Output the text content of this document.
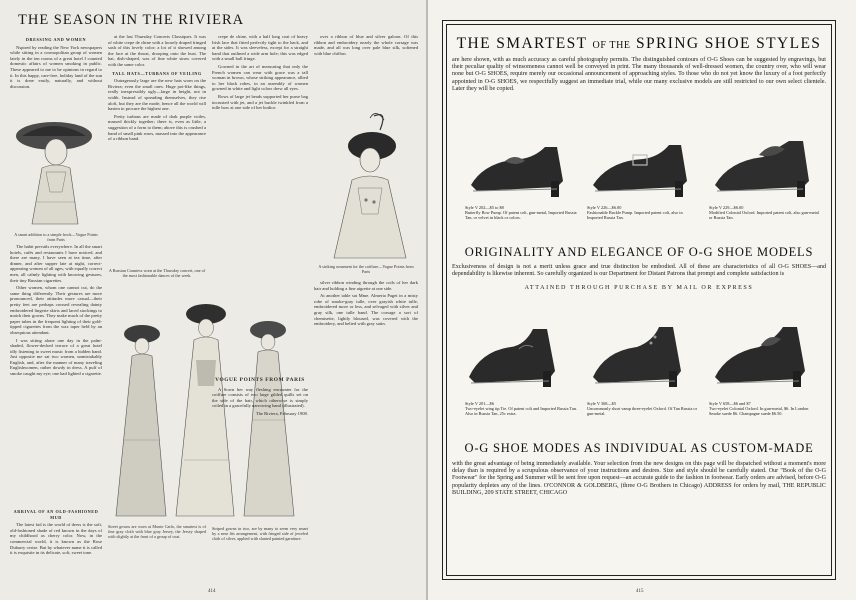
THE SEASON IN THE RIVIERA
DRESSING AND WOMEN

Nspired by reading the New York newspapers while sitting in a cosmopolitan group of women lately in the ten rooms of a great hotel I counted domestic affairs of women smoking in public. These appeared to me to be opinions in regard to it. In this happy, care-free, holiday land of the sun it is done easily, naturally, and without discussion.

A smart addition to a simple frock—Vogue Points from Paris

The habit prevails everywhere. In all the smart hotels, cafés and restaurants I have noticed, and there are many, I have seen at tea time, after dinner, and after supper late at night, correct-appearing women of all ages, with equally correct men, all calmly lighting with knowing gestures, their tiny Russian cigarettes.

Other women, whom one cannot cut, do the same thing differently. Their gestures are more pronounced, their attitudes more casual—their pretty feet are perhaps crossed revealing dainty embroidered lingerie skirts and laced stockings to match their gowns. They make much of the pretty paper tubes in the frequent lighting of their gold-tipped cigarettes from the wax taper held by an obsequious attendant.

I was sitting alone one day in the palm-shaded, flower-decked terrace of a great hotel idly listening to sweet music from a hidden band. Just opposite me sat two women, unmistakably English, and, after the manner of many traveling Englishwomen, rather dowdy in dress. A puff of smoke caught my eye; one had lighted a cigarette.

ARRIVAL OF AN OLD-FASHIONED MUD

The latest fad is the world of dress is the soft, old-fashioned shade of red known in the days of my childhood as cherry color. Now, in the commercial world, it is known as the Rose Dubarry cerise. But by whatever name it is called it is exquisite in its delicate, soft, sweet tone.

at the last Thursday Concerts Classiques. It was of white crepe de chine with a loosely draped fringed sash of this lovely color; a lot of it showed among the lace at the throat, drooping onto the bust. The hat, dish-shaped, was of fine white straw covered with the same color.

TALL HATS—TURBANS OF VEILING

Outrageously large are the new hats worn on the Riviera; even the small ones. Huge pot-like things, really inexpressibly ugly—large in height, not in width. Instead of spreading themselves, they rise aloft, but they are the mode, hence all the world will hasten to procure the highest one.

Pretty turbans are made of dark purple voiles, massed thickly together; there is, even as little, a suggestion of a form to them; above this is crushed a band of small pink roses, massed into the appearance of a ribbon band.

A Russian Countess worn at the Thursday concert, one of the most fashionable dances of the week.
Street gowns are worn at Monte Carlo, the smartest is of fine gray cloth with blue gray Jersey, the Jersey shaped with slightly at the front of a group of coat.

crepe de chine, with a half long coat of heavy Irish lace that fitted perfectly tight to the back, and at the sides. It was sleeveless, except for a straight band that outlined a wide arm hole; this was edged with a small ball fringe.

Gowned in the art of measuring that only the French women can wear with grace was a tall woman in brown, whose striking appearance, allied to her black robes, in an assembly of women gowned in white and light colors drew all eyes.

Rows of large jet beads supported her purse bag incrusted with jet, and a jet buckle twinkled from a tulle bow at one side of her bodice.

VOGUE POINTS FROM PARIS

A Sown her way fleshing encounter for the coiffure consists of two large gilded quills set on the side of the hair, which otherwise is simply coiled in a gracefully narrowing band (illustrated).

The Riviera, February 1908.

over a ribbon of blue and silver galoon. Of this ribbon and embroidery nearly the whole corsage was made, and all was long over pale blue silk, softened with blue chiffon.

A striking ornament for the coiffure—Vogue Points from Paris

silver ribbon winding through the coils of her dark hair and holding a fine aigrette at one side.

At another table sat Mme. Almeria Paget in a misty robe of smoke-gray tulle, over grayish white tulle, embroidered more or less, and selvaged with silver and gray silk, one tulle band. The corsage a sort of chemisette, lightly bloused, was covered with the embroidery, and belted with gray satin.

Striped gowns in two, are by many to seem very smart by a near fits arrangement, with fringed side of jeweled cloth of silver, applied with slanted painted garniture.
414
THE SMARTEST OF THE SPRING SHOE STYLES
are here shown, with as much accuracy as careful photography permits. The distinguished contours of O-G Shoes can be suggested by engravings, but their peculiar quality of winsomeness cannot well be conveyed in print. The many thousands of well-dressed women, the country over, who will wear none but O-G SHOES, require merely our occasional announcement of approaching styles. To those who do not yet know the luxury of a foot perfectly appointed in O-G SHOES, we respectfully suggest an immediate trial, while our many exclusive models are still restricted to our own select clientele. Later they will be copied.
Style V 202—$5 to $8
Butterfly Bow Pump. Of patent colt, gun-metal, Imported Russia Tan, or velvet in black or colors.
Style V 226—$6.00
Fashionable Buckle Pump. Imported patent colt, also in Imported Russia Tan.
Style V 229—$6.00
Modified Colonial Oxford. Imported patent colt, also gun-metal or Russia Tan.
ORIGINALITY AND ELEGANCE OF O-G SHOE MODELS
Exclusiveness of design is not a merit unless grace and true distinction be embodied. All of these are characteristics of all O-G SHOES—and dependability is likewise inherent. So carefully organized is our Department for Distant Patrons that prompt and complete satisfaction is
ATTAINED THROUGH PURCHASE BY MAIL OR EXPRESS
Style V 201—$6
Two-eyelet wing tip Tie. Of patent colt and Imported Russia Tan. Also in Russia Tan, 25c extra.
Style V 368—$5
Uncommonly short vamp three-eyelet Oxford. Of Tan Russia or gun-metal.
Style V 658—$6 and $7
Two-eyelet Colonial Oxford. In gun-metal, $6. In London Smoke suede $6. Champagne suede $6.50.
O-G SHOE MODES AS INDIVIDUAL AS CUSTOM-MADE
with the great advantage of being immediately available. Your selection from the new designs on this page will be dispatched without a moment's more delay than is required by a scrupulous observance of your instructions and desires. Size and style should be carefully stated. Our "Book of the O-G Footwear" for the Spring and Summer will be sent free upon request—an accurate guide to the fashion in footwear. Early orders are advised, before O-G popularity depletes any of the lines. O'CONNOR & GOLDBERG, (three O-G Brothers in Chicago) ADDRESS for orders by mail, THE REPUBLIC BUILDING, 209 STATE STREET, CHICAGO
415
